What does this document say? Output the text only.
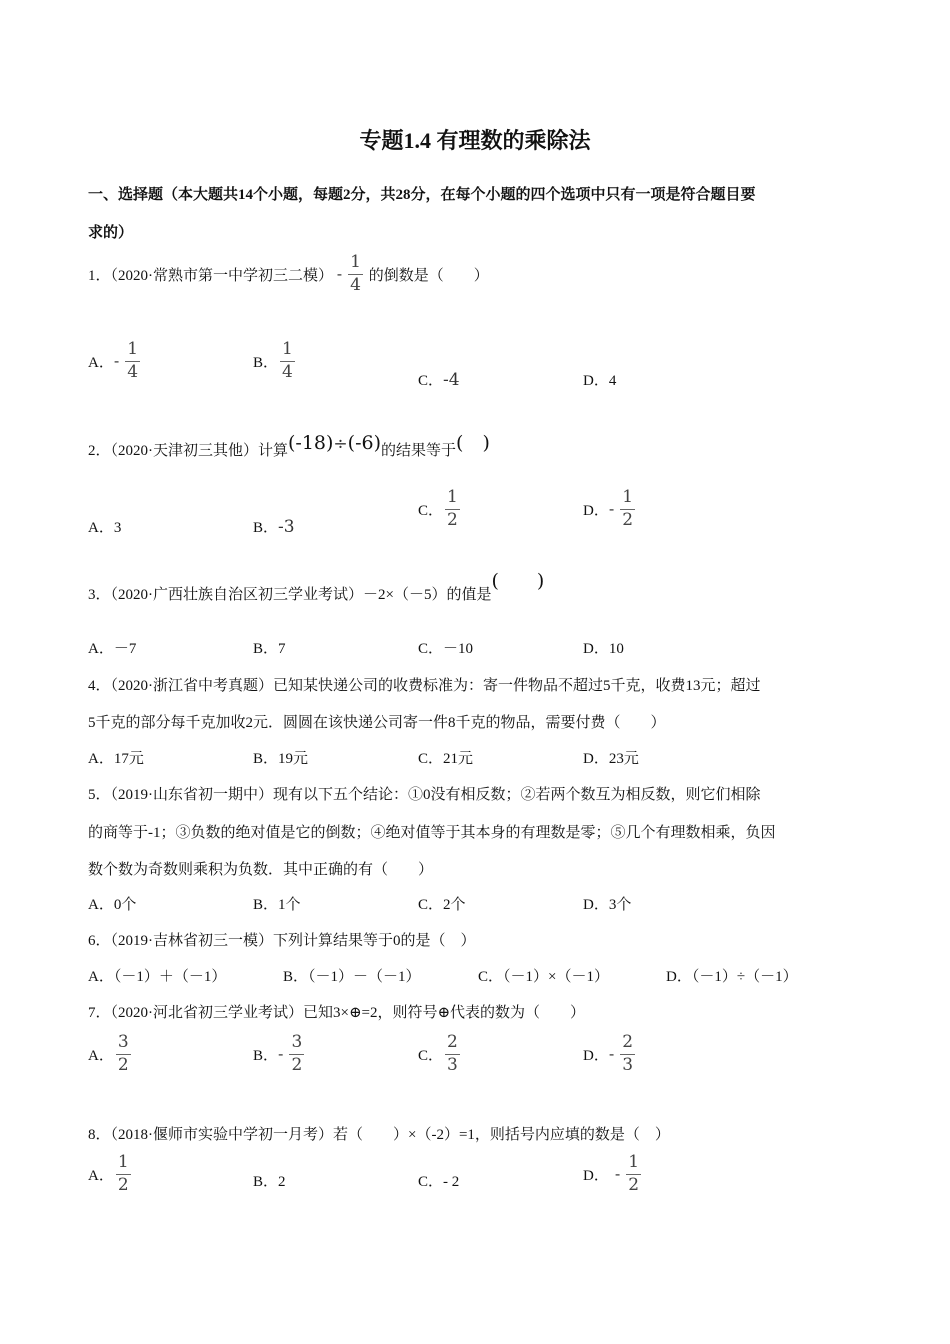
专题1.4 有理数的乘除法
一、选择题（本大题共14个小题，每题2分，共28分，在每个小题的四个选项中只有一项是符合题目要
求的）
1．（2020·常熟市第一中学初三二模） - $\frac{1}{4}$ 的倒数是（　　）
A．- $\frac{1}{4}$	B． $\frac{1}{4}$	C．-4	D．4
2．（2020·天津初三其他）计算(-18)÷(-6)的结果等于(　)
A．3	B．-3
C． $\frac{1}{2}$	D．- $\frac{1}{2}$
3．（2020·广西壮族自治区初三学业考试）－2×（－5）的值是(　　)
A．－7	B．7	C．－10	D．10
4．（2020·浙江省中考真题）已知某快递公司的收费标准为：寄一件物品不超过5千克，收费13元；超过
5千克的部分每千克加收2元．圆圆在该快递公司寄一件8千克的物品，需要付费（　　）
A．17元	B．19元	C．21元	D．23元
5．（2019·山东省初一期中）现有以下五个结论：①0没有相反数；②若两个数互为相反数，则它们相除
的商等于-1；③负数的绝对值是它的倒数；④绝对值等于其本身的有理数是零；⑤几个有理数相乘，负因
数个数为奇数则乘积为负数．其中正确的有（　　）
A．0个	B．1个	C．2个	D．3个
6．（2019·吉林省初三一模）下列计算结果等于0的是（　）
A．（－1）＋（－1）	B．（－1）－（－1）	C．（－1）×（－1）	D．（－1）÷（－1）
7．（2020·河北省初三学业考试）已知3×⊕=2，则符号⊕代表的数为（　　）
A． $\frac{3}{2}$	B．- $\frac{3}{2}$	C． $\frac{2}{3}$	D．- $\frac{2}{3}$
8．（2018·偃师市实验中学初一月考）若（　　）×（-2）=1，则括号内应填的数是（　）
A． $\frac{1}{2}$	B．2	C．- 2	D． - $\frac{1}{2}$
